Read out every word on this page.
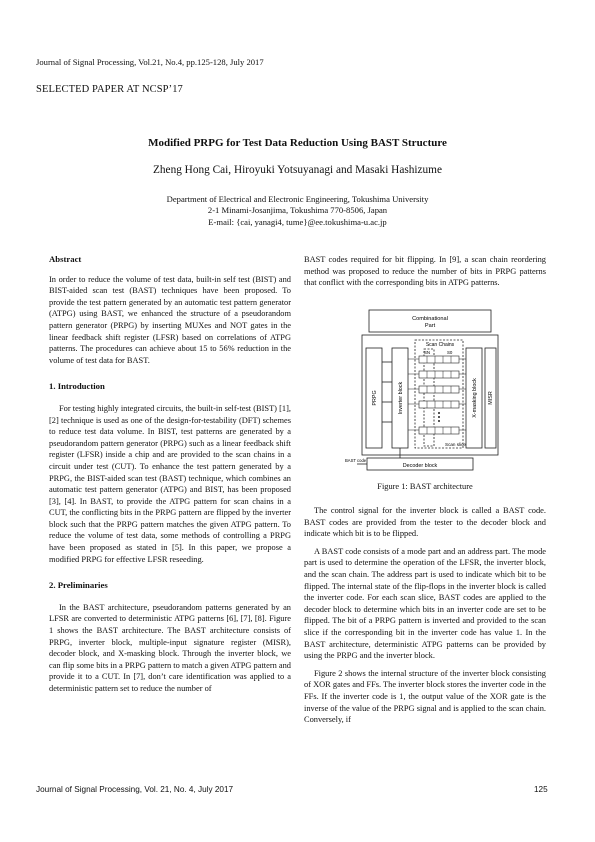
Journal of Signal Processing, Vol.21, No.4, pp.125-128, July 2017
SELECTED PAPER AT NCSP’17
Modified PRPG for Test Data Reduction Using BAST Structure
Zheng Hong Cai, Hiroyuki Yotsuyanagi and Masaki Hashizume
Department of Electrical and Electronic Engineering, Tokushima University
2-1 Minami-Josanjima, Tokushima 770-8506, Japan
E-mail: {cai, yanagi4, tume}@ee.tokushima-u.ac.jp

Abstract

In order to reduce the volume of test data, built-in self test (BIST) and BIST-aided scan test (BAST) techniques have been proposed. To provide the test pattern generated by an automatic test pattern generator (ATPG) using BAST, we enhanced the structure of a pseudorandom pattern generator (PRPG) by inserting MUXes and NOT gates in the linear feedback shift register (LFSR) based on correlations of ATPG patterns. The procedures can achieve about 15 to 56% reduction in the volume of test data for BAST.

1. Introduction

For testing highly integrated circuits, the built-in self-test (BIST) [1], [2] technique is used as one of the design-for-testability (DFT) schemes to reduce test data volume. In BIST, test patterns are generated by a pseudorandom pattern generator (PRPG) such as a linear feedback shift register (LFSR) inside a chip and are provided to the scan chains in a circuit under test (CUT). To enhance the test pattern generated by a PRPG, the BIST-aided scan test (BAST) technique, which combines an automatic test pattern generator (ATPG) and BIST, has been proposed [3], [4]. In BAST, to provide the ATPG pattern for scan chains in a CUT, the conflicting bits in the PRPG pattern are flipped by the inverter block such that the PRPG pattern matches the given ATPG pattern. To reduce the volume of test data, some methods of controlling a PRPG have been proposed as stated in [5]. In this paper, we propose a modified PRPG for effective LFSR reseeding.

2. Preliminaries

In the BAST architecture, pseudorandom patterns generated by an LFSR are converted to deterministic ATPG patterns [6], [7], [8]. Figure 1 shows the BAST architecture. The BAST architecture consists of PRPG, inverter block, multiple-input signature register (MISR), decoder block, and X-masking block. Through the inverter block, we can flip some bits in a PRPG pattern to match a given ATPG pattern and provide it to a CUT. In [7], don’t care identification was applied to a deterministic pattern set to reduce the number of

BAST codes required for bit flipping. In [9], a scan chain reordering method was proposed to reduce the number of bits in PRPG patterns that conflict with the corresponding bits in ATPG patterns.

Combinational
Part
Scan Chains
SN	S0
PRPG	Inverter block	X-masking block MISR
Scan slice
BAST code
Decoder block
Figure 1: BAST architecture

The control signal for the inverter block is called a BAST code. BAST codes are provided from the tester to the decoder block and indicate which bit is to be flipped.

A BAST code consists of a mode part and an address part. The mode part is used to determine the operation of the LFSR, the inverter block, and the scan chain. The address part is used to indicate which bit to be flipped. The internal state of the flip-flops in the inverter block is called the inverter code. For each scan slice, BAST codes are applied to the decoder block to determine which bits in an inverter code are set to be flipped. The bit of a PRPG pattern is inverted and provided to the scan slice if the corresponding bit in the inverter code has value 1. In the BAST architecture, deterministic ATPG patterns can be provided by using the PRPG and the inverter block.

Figure 2 shows the internal structure of the inverter block consisting of XOR gates and FFs. The inverter block stores the inverter code in the FFs. If the inverter code is 1, the output value of the XOR gate is the inverse of the value of the PRPG signal and is applied to the scan chain. Conversely, if

Journal of Signal Processing, Vol. 21, No. 4, July 2017	125
